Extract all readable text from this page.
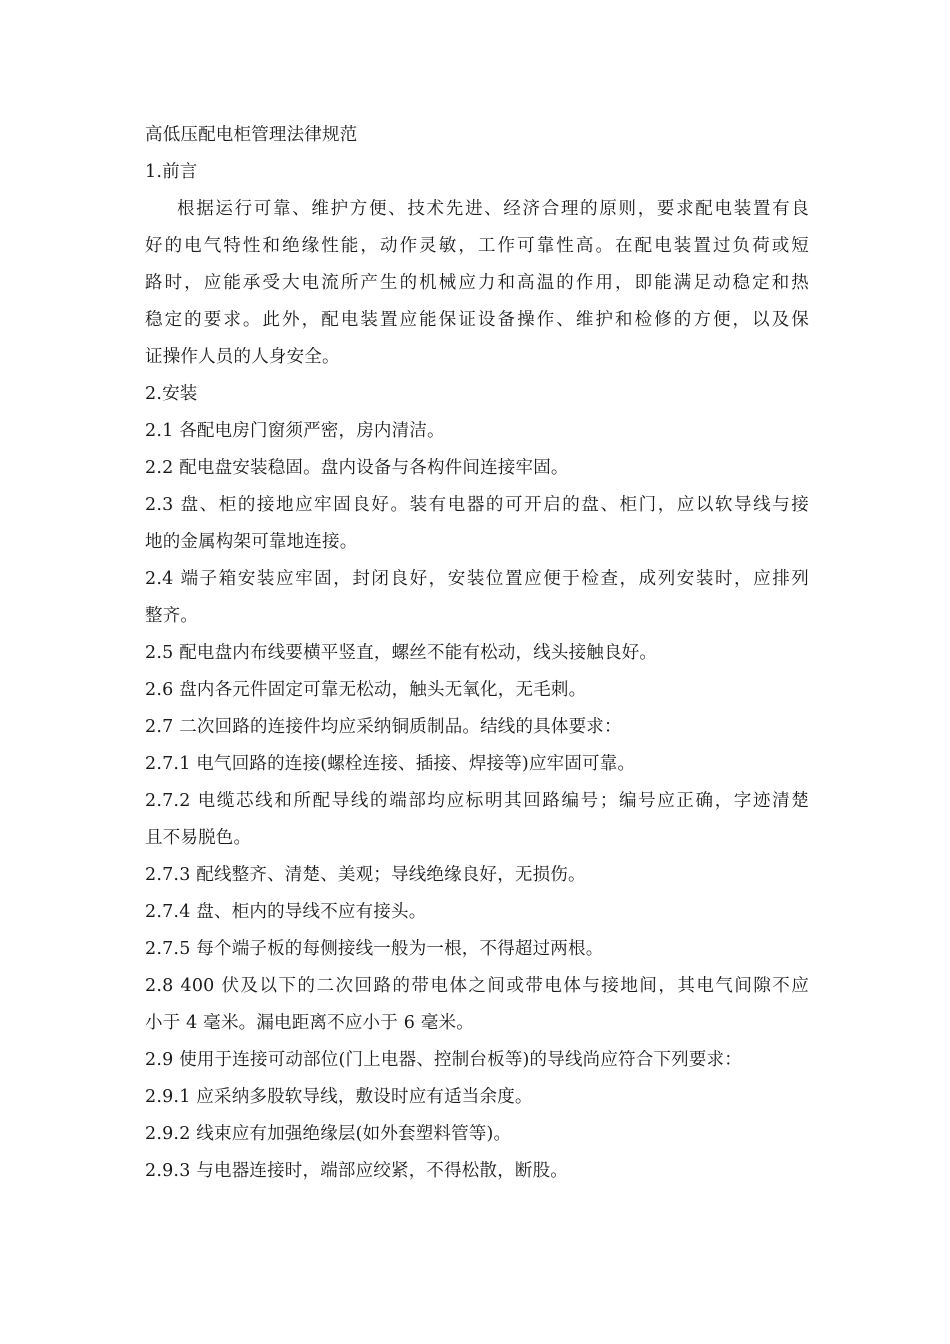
高低压配电柜管理法律规范

1.前言

根据运行可靠、维护方便、技术先进、经济合理的原则，要求配电装置有良

好的电气特性和绝缘性能，动作灵敏，工作可靠性高。在配电装置过负荷或短

路时，应能承受大电流所产生的机械应力和高温的作用，即能满足动稳定和热

稳定的要求。此外，配电装置应能保证设备操作、维护和检修的方便，以及保

证操作人员的人身安全。

2.安装

2.1 各配电房门窗须严密，房内清洁。

2.2 配电盘安装稳固。盘内设备与各构件间连接牢固。

2.3 盘、柜的接地应牢固良好。装有电器的可开启的盘、柜门，应以软导线与接

地的金属构架可靠地连接。

2.4 端子箱安装应牢固，封闭良好，安装位置应便于检查，成列安装时，应排列

整齐。

2.5 配电盘内布线要横平竖直，螺丝不能有松动，线头接触良好。

2.6 盘内各元件固定可靠无松动，触头无氧化，无毛刺。

2.7 二次回路的连接件均应采纳铜质制品。结线的具体要求：

2.7.1 电气回路的连接(螺栓连接、插接、焊接等)应牢固可靠。

2.7.2 电缆芯线和所配导线的端部均应标明其回路编号；编号应正确，字迹清楚

且不易脱色。

2.7.3 配线整齐、清楚、美观；导线绝缘良好，无损伤。

2.7.4 盘、柜内的导线不应有接头。

2.7.5 每个端子板的每侧接线一般为一根，不得超过两根。

2.8 400 伏及以下的二次回路的带电体之间或带电体与接地间，其电气间隙不应

小于 4 毫米。漏电距离不应小于 6 毫米。

2.9 使用于连接可动部位(门上电器、控制台板等)的导线尚应符合下列要求：

2.9.1 应采纳多股软导线，敷设时应有适当余度。

2.9.2 线束应有加强绝缘层(如外套塑料管等)。

2.9.3 与电器连接时，端部应绞紧，不得松散，断股。
